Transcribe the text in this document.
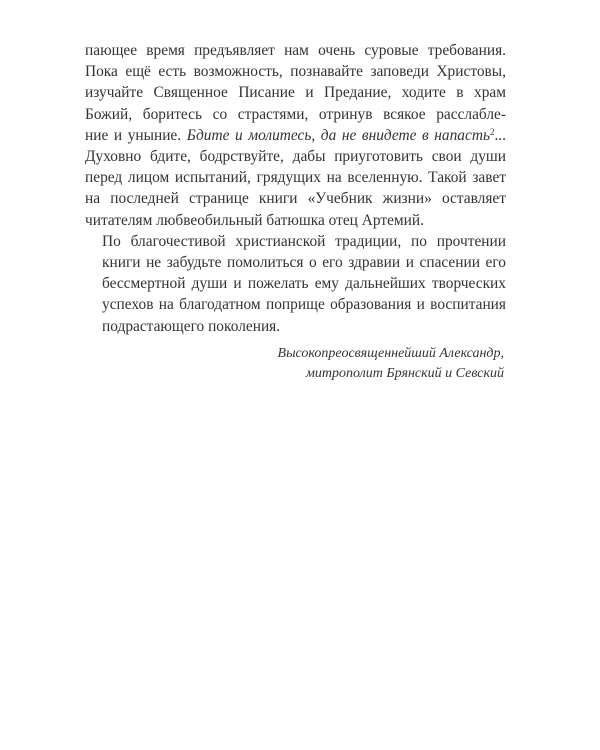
пающее время предъявляет нам очень суровые требования.
Пока ещё есть возможность, познавайте заповеди Христовы,
изучайте Священное Писание и Предание, ходите в храм
Божий, боритесь со страстями, отринув всякое расслабле-
ние и уныние. Бдите и молитесь, да не внидете в напасть$^2$...
Духовно бдите, бодрствуйте, дабы приуготовить свои души
перед лицом испытаний, грядущих на вселенную. Такой завет
на последней странице книги «Учебник жизни» оставляет
читателям любвеобильный батюшка отец Артемий.

По благочестивой христианской традиции, по прочтении
книги не забудьте помолиться о его здравии и спасении его
бессмертной души и пожелать ему дальнейших творческих
успехов на благодатном поприще образования и воспитания
подрастающего поколения.

Высокопреосвященнейший Александр,
митрополит Брянский и Севский
